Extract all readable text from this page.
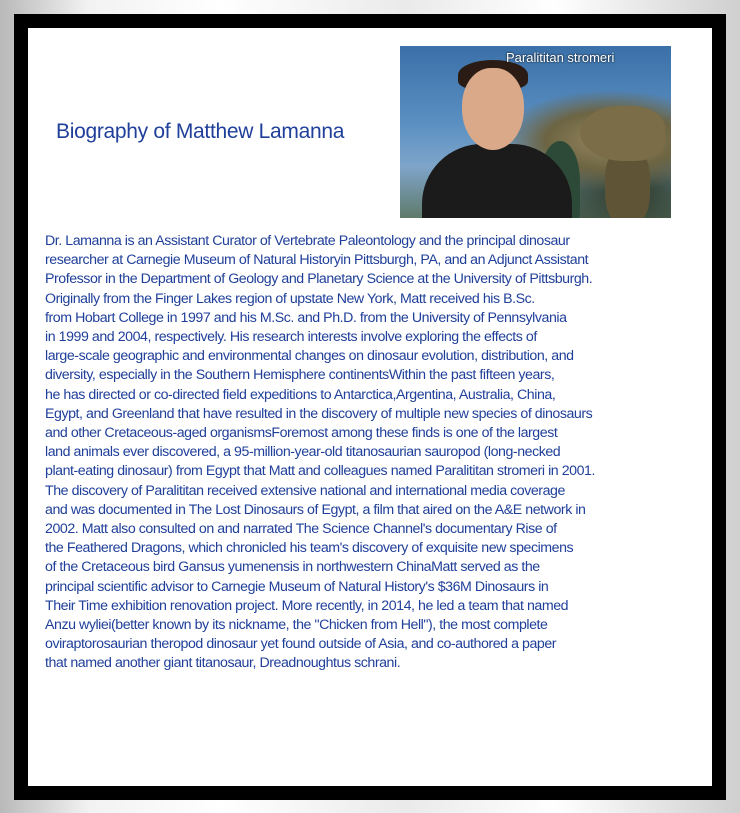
Biography of Matthew Lamanna
Paralititan stromeri
Dr. Lamanna is an Assistant Curator of Vertebrate Paleontology and the principal dinosaur
researcher at Carnegie Museum of Natural Historyin Pittsburgh, PA, and an Adjunct Assistant
Professor in the Department of Geology and Planetary Science at the University of Pittsburgh.
Originally from the Finger Lakes region of upstate New York, Matt received his B.Sc.
from Hobart College in 1997 and his M.Sc. and Ph.D. from the University of Pennsylvania
in 1999 and 2004, respectively. His research interests involve exploring the effects of
large-scale geographic and environmental changes on dinosaur evolution, distribution, and
diversity, especially in the Southern Hemisphere continentsWithin the past fifteen years,
he has directed or co-directed field expeditions to Antarctica,Argentina, Australia, China,
Egypt, and Greenland that have resulted in the discovery of multiple new species of dinosaurs
and other Cretaceous-aged organismsForemost among these finds is one of the largest
land animals ever discovered, a 95-million-year-old titanosaurian sauropod (long-necked
plant-eating dinosaur) from Egypt that Matt and colleagues named Paralititan stromeri in 2001.
The discovery of Paralititan received extensive national and international media coverage
and was documented in The Lost Dinosaurs of Egypt, a film that aired on the A&E network in
2002. Matt also consulted on and narrated The Science Channel's documentary Rise of
the Feathered Dragons, which chronicled his team's discovery of exquisite new specimens
of the Cretaceous bird Gansus yumenensis in northwestern ChinaMatt served as the
principal scientific advisor to Carnegie Museum of Natural History's $36M Dinosaurs in
Their Time exhibition renovation project. More recently, in 2014, he led a team that named
Anzu wyliei(better known by its nickname, the "Chicken from Hell"), the most complete
oviraptorosaurian theropod dinosaur yet found outside of Asia, and co-authored a paper
that named another giant titanosaur, Dreadnoughtus schrani.
